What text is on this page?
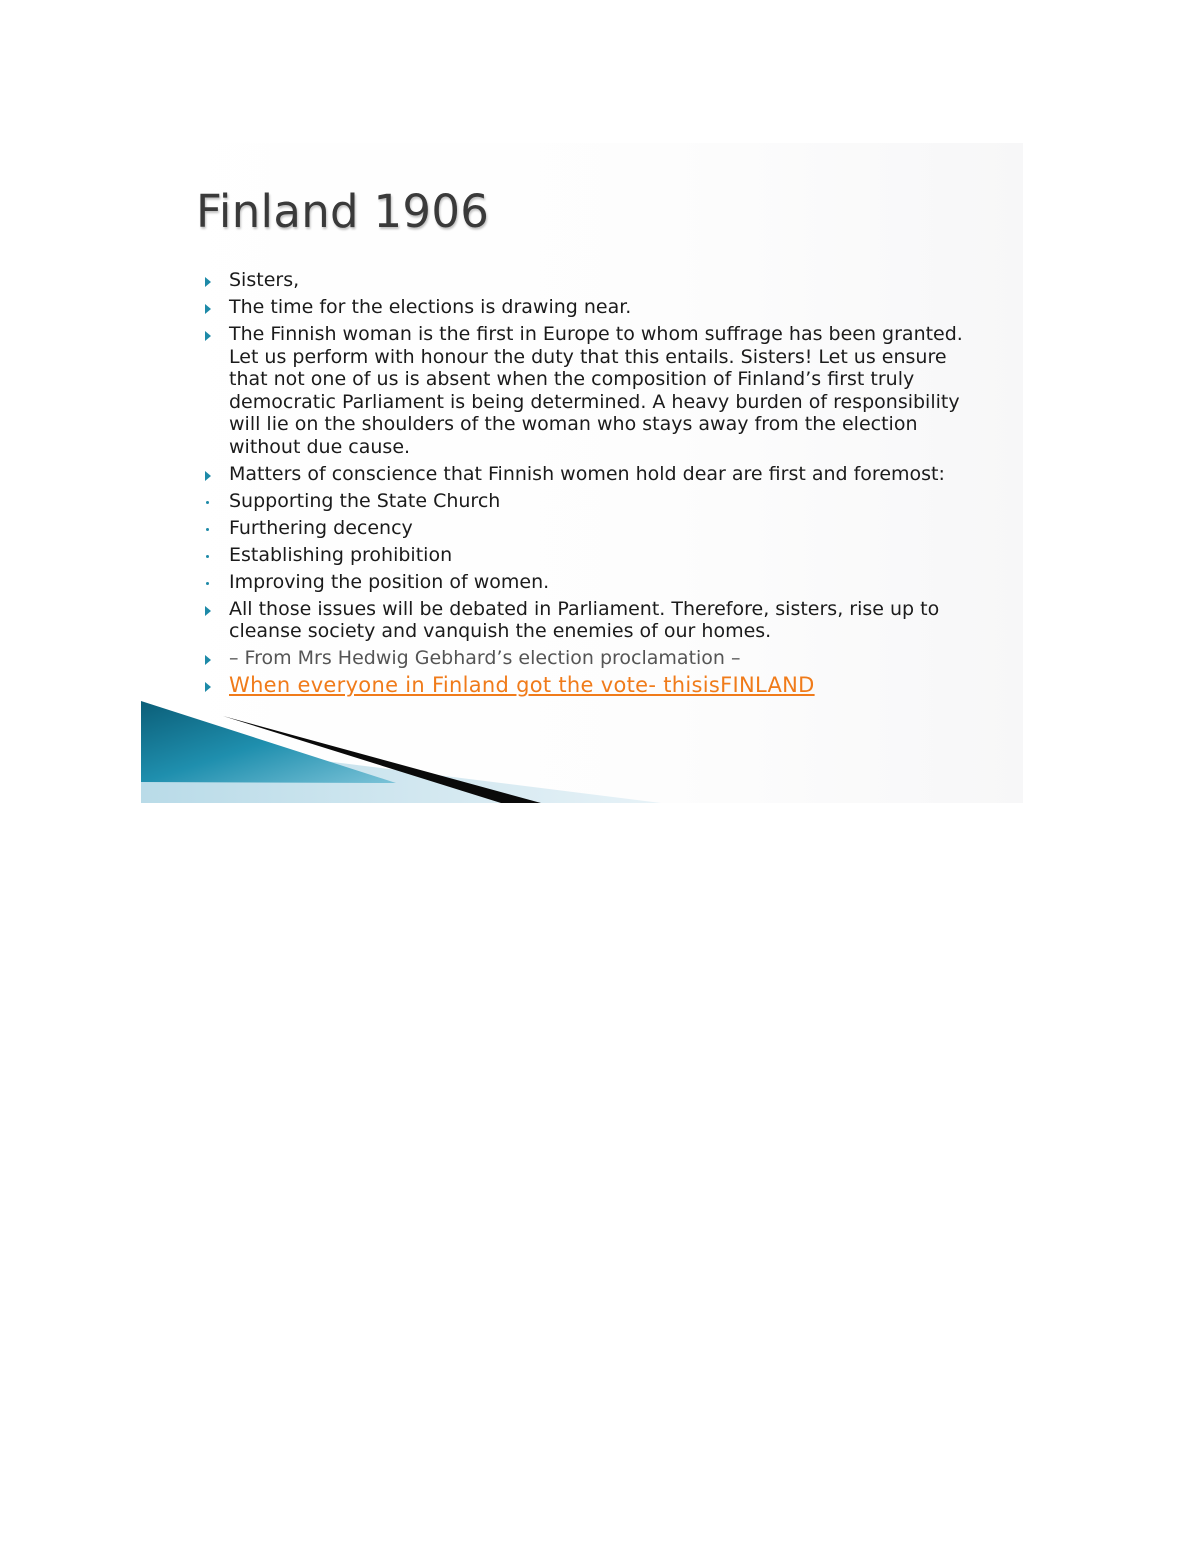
Finland 1906
Sisters,
The time for the elections is drawing near.
The Finnish woman is the first in Europe to whom suffrage has been granted.
Let us perform with honour the duty that this entails. Sisters! Let us ensure
that not one of us is absent when the composition of Finland’s first truly
democratic Parliament is being determined. A heavy burden of responsibility
will lie on the shoulders of the woman who stays away from the election
without due cause.
Matters of conscience that Finnish women hold dear are first and foremost:
Supporting the State Church
Furthering decency
Establishing prohibition
Improving the position of women.
All those issues will be debated in Parliament. Therefore, sisters, rise up to
cleanse society and vanquish the enemies of our homes.
– From Mrs Hedwig Gebhard’s election proclamation –
When everyone in Finland got the vote- thisisFINLAND
